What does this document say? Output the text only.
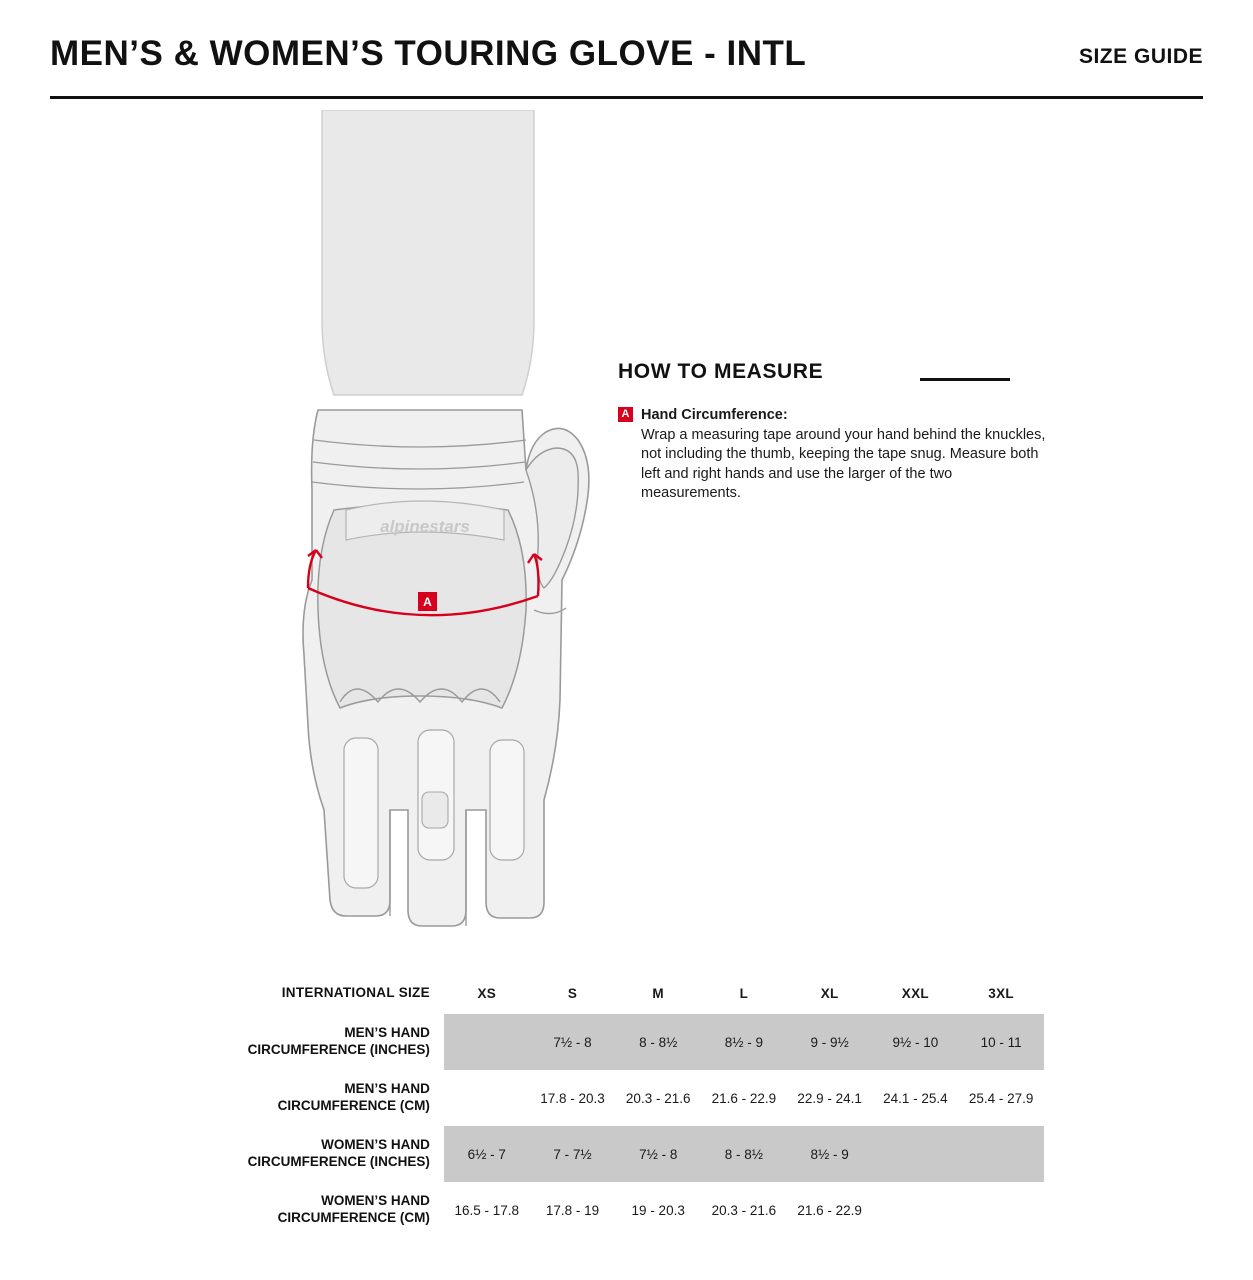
MEN’S & WOMEN’S TOURING GLOVE - INTL	SIZE GUIDE
alpinestars
A
HOW TO MEASURE
A Hand Circumference:
Wrap a measuring tape around your hand behind the knuckles, not including the thumb, keeping the tape snug. Measure both left and right hands and use the larger of the two measurements.
INTERNATIONAL SIZE	XS	S	M	L	XL	XXL	3XL

MEN’S HAND
CIRCUMFERENCE (INCHES)		7½ - 8	8 - 8½	8½ - 9	9 - 9½	9½ - 10	10 - 11

MEN’S HAND
CIRCUMFERENCE (CM)		17.8 - 20.3	20.3 - 21.6	21.6 - 22.9	22.9 - 24.1	24.1 - 25.4	25.4 - 27.9

WOMEN’S HAND
CIRCUMFERENCE (INCHES)	6½ - 7	7 - 7½	7½ - 8	8 - 8½	8½ - 9		

WOMEN’S HAND
CIRCUMFERENCE (CM)	16.5 - 17.8	17.8 - 19	19 - 20.3	20.3 - 21.6	21.6 - 22.9		
